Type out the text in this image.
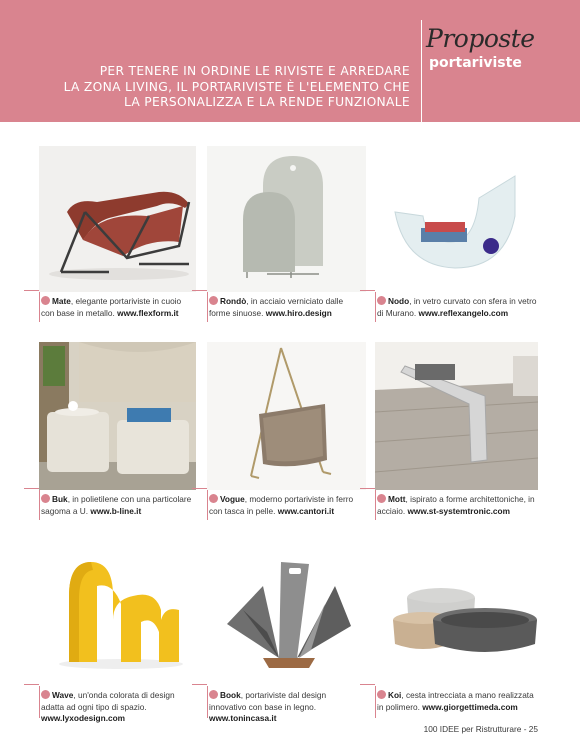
PER TENERE IN ORDINE LE RIVISTE E ARREDARE
LA ZONA LIVING, IL PORTARIVISTE È L'ELEMENTO CHE
LA PERSONALIZZA E LA RENDE FUNZIONALE
Proposte
portariviste
Mate, elegante portariviste in cuoio con base in metallo. www.flexform.it
Rondò, in acciaio verniciato dalle forme sinuose. www.hiro.design
Nodo, in vetro curvato con sfera in vetro di Murano. www.reflexangelo.com
Buk, in polietilene con una particolare sagoma a U. www.b-line.it
Vogue, moderno portariviste in ferro con tasca in pelle. www.cantori.it
Mott, ispirato a forme architettoniche, in acciaio. www.st-systemtronic.com
Wave, un'onda colorata di design adatta ad ogni tipo di spazio. www.lyxodesign.com
Book, portariviste dal design innovativo con base in legno. www.tonincasa.it
Koi, cesta intrecciata a mano realizzata in polimero. www.giorgettimeda.com
100 IDEE per Ristrutturare - 25
